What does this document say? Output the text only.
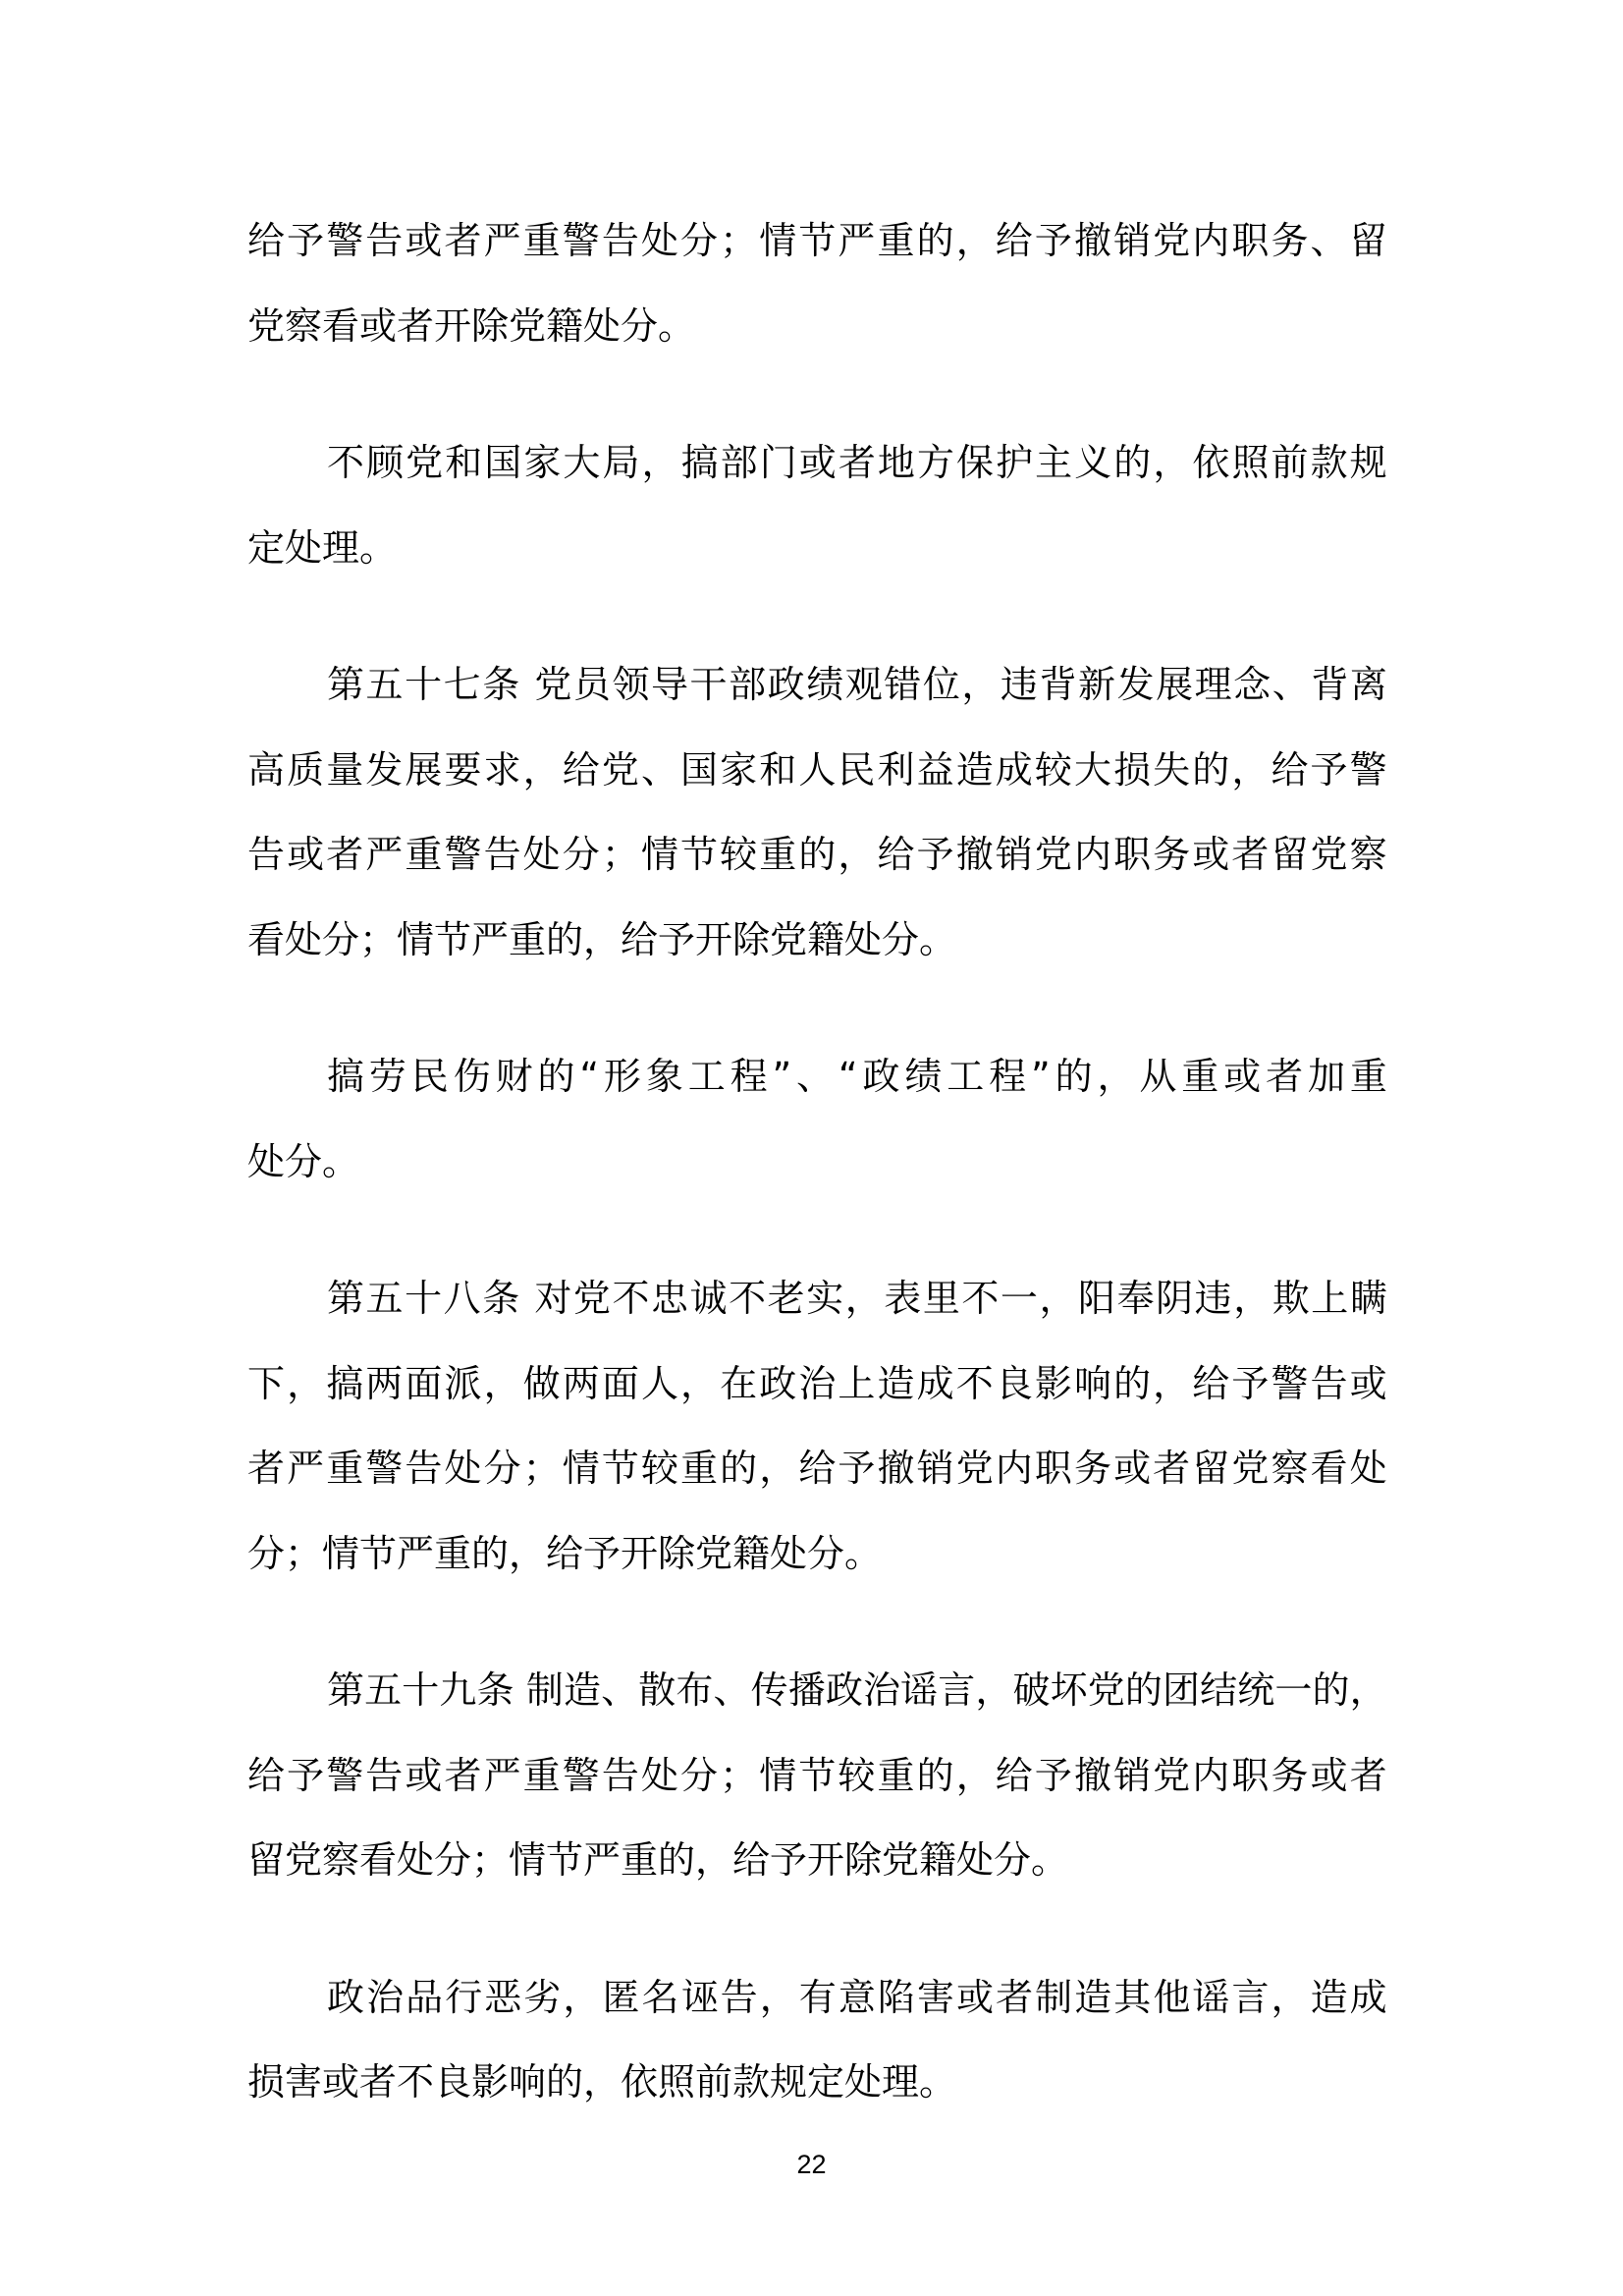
给 予 警 告 或 者 严 重 警 告 处 分 ； 情 节 严 重 的 ， 给 予 撤 销 党 内 职 务 、 留
党察看或者开除党籍处分。
不 顾 党 和 国 家 大 局 ， 搞 部 门 或 者 地 方 保 护 主 义 的 ， 依 照 前 款 规
定处理。
第 五 十 七 条
党 员 领 导 干 部 政 绩 观 错 位 ， 违 背 新 发 展 理 念 、 背 离
高 质 量 发 展 要 求 ， 给 党 、 国 家 和 人 民 利 益 造 成 较 大 损 失 的 ， 给 予 警
告 或 者 严 重 警 告 处 分 ； 情 节 较 重 的 ， 给 予 撤 销 党 内 职 务 或 者 留 党 察
看处分；情节严重的，给予开除党籍处分。
搞 劳 民 伤 财 的 “ 形 象 工 程 ” 、 “ 政 绩 工 程 ” 的 ， 从 重 或 者 加 重
处分。
第 五 十 八 条
对 党 不 忠 诚 不 老 实 ， 表 里 不 一 ， 阳 奉 阴 违 ， 欺 上 瞒
下 ， 搞 两 面 派 ， 做 两 面 人 ， 在 政 治 上 造 成 不 良 影 响 的 ， 给 予 警 告 或
者 严 重 警 告 处 分 ； 情 节 较 重 的 ， 给 予 撤 销 党 内 职 务 或 者 留 党 察 看 处
分；情节严重的，给予开除党籍处分。
第 五 十 九 条
制 造 、 散 布 、 传 播 政 治 谣 言 ， 破 坏 党 的 团 结 统 一 的 ，
给 予 警 告 或 者 严 重 警 告 处 分 ； 情 节 较 重 的 ， 给 予 撤 销 党 内 职 务 或 者
留党察看处分；情节严重的，给予开除党籍处分。
政 治 品 行 恶 劣 ， 匿 名 诬 告 ， 有 意 陷 害 或 者 制 造 其 他 谣 言 ， 造 成
损害或者不良影响的，依照前款规定处理。
22
